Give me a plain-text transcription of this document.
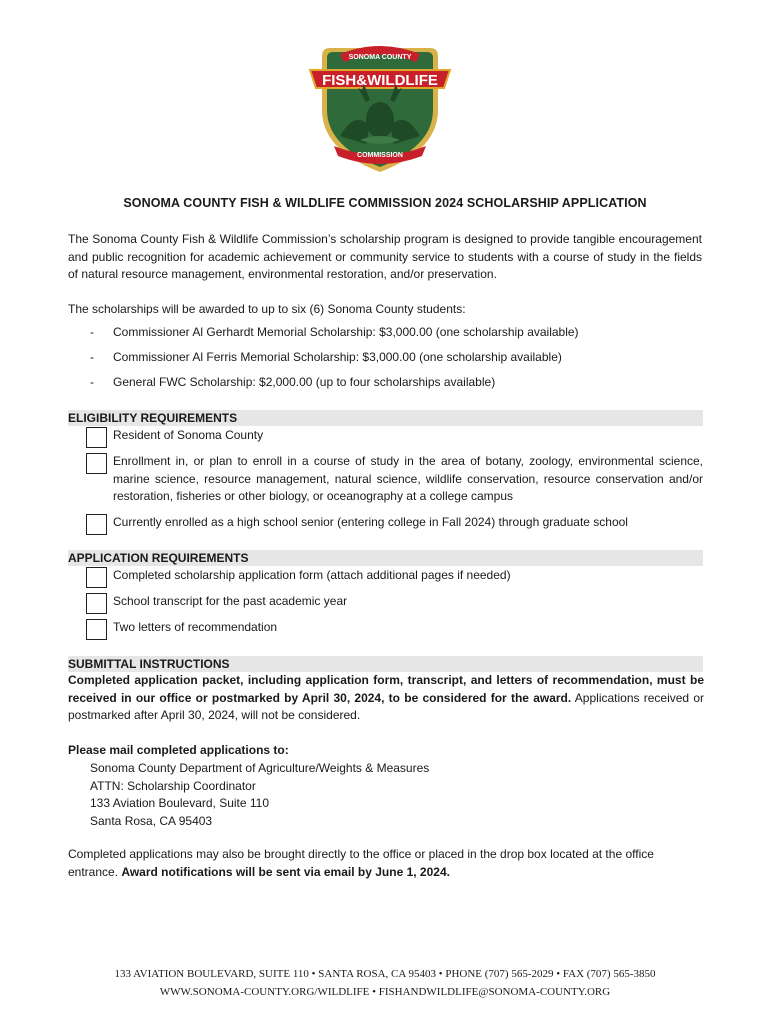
SONOMA COUNTY
FISH&WILDLIFE
COMMISSION
SONOMA COUNTY FISH & WILDLIFE COMMISSION 2024 SCHOLARSHIP APPLICATION
The Sonoma County Fish & Wildlife Commission’s scholarship program is designed to provide tangible encouragement and public recognition for academic achievement or community service to students with a course of study in the fields of natural resource management, environmental restoration, and/or preservation.
The scholarships will be awarded to up to six (6) Sonoma County students:
- Commissioner Al Gerhardt Memorial Scholarship: $3,000.00 (one scholarship available)
- Commissioner Al Ferris Memorial Scholarship: $3,000.00 (one scholarship available)
- General FWC Scholarship: $2,000.00 (up to four scholarships available)
ELIGIBILITY REQUIREMENTS
Resident of Sonoma County
Enrollment in, or plan to enroll in a course of study in the area of botany, zoology, environmental science, marine science, resource management, natural science, wildlife conservation, resource conservation and/or restoration, fisheries or other biology, or oceanography at a college campus
Currently enrolled as a high school senior (entering college in Fall 2024) through graduate school
APPLICATION REQUIREMENTS
Completed scholarship application form (attach additional pages if needed)
School transcript for the past academic year
Two letters of recommendation
SUBMITTAL INSTRUCTIONS
Completed application packet, including application form, transcript, and letters of recommendation, must be received in our office or postmarked by April 30, 2024, to be considered for the award. Applications received or postmarked after April 30, 2024, will not be considered.
Please mail completed applications to:
Sonoma County Department of Agriculture/Weights & Measures
ATTN: Scholarship Coordinator
133 Aviation Boulevard, Suite 110
Santa Rosa, CA 95403
Completed applications may also be brought directly to the office or placed in the drop box located at the office entrance. Award notifications will be sent via email by June 1, 2024.
133 AVIATION BOULEVARD, SUITE 110 • SANTA ROSA, CA 95403 • PHONE (707) 565-2029 • FAX (707) 565-3850
WWW.SONOMA-COUNTY.ORG/WILDLIFE • FISHANDWILDLIFE@SONOMA-COUNTY.ORG
